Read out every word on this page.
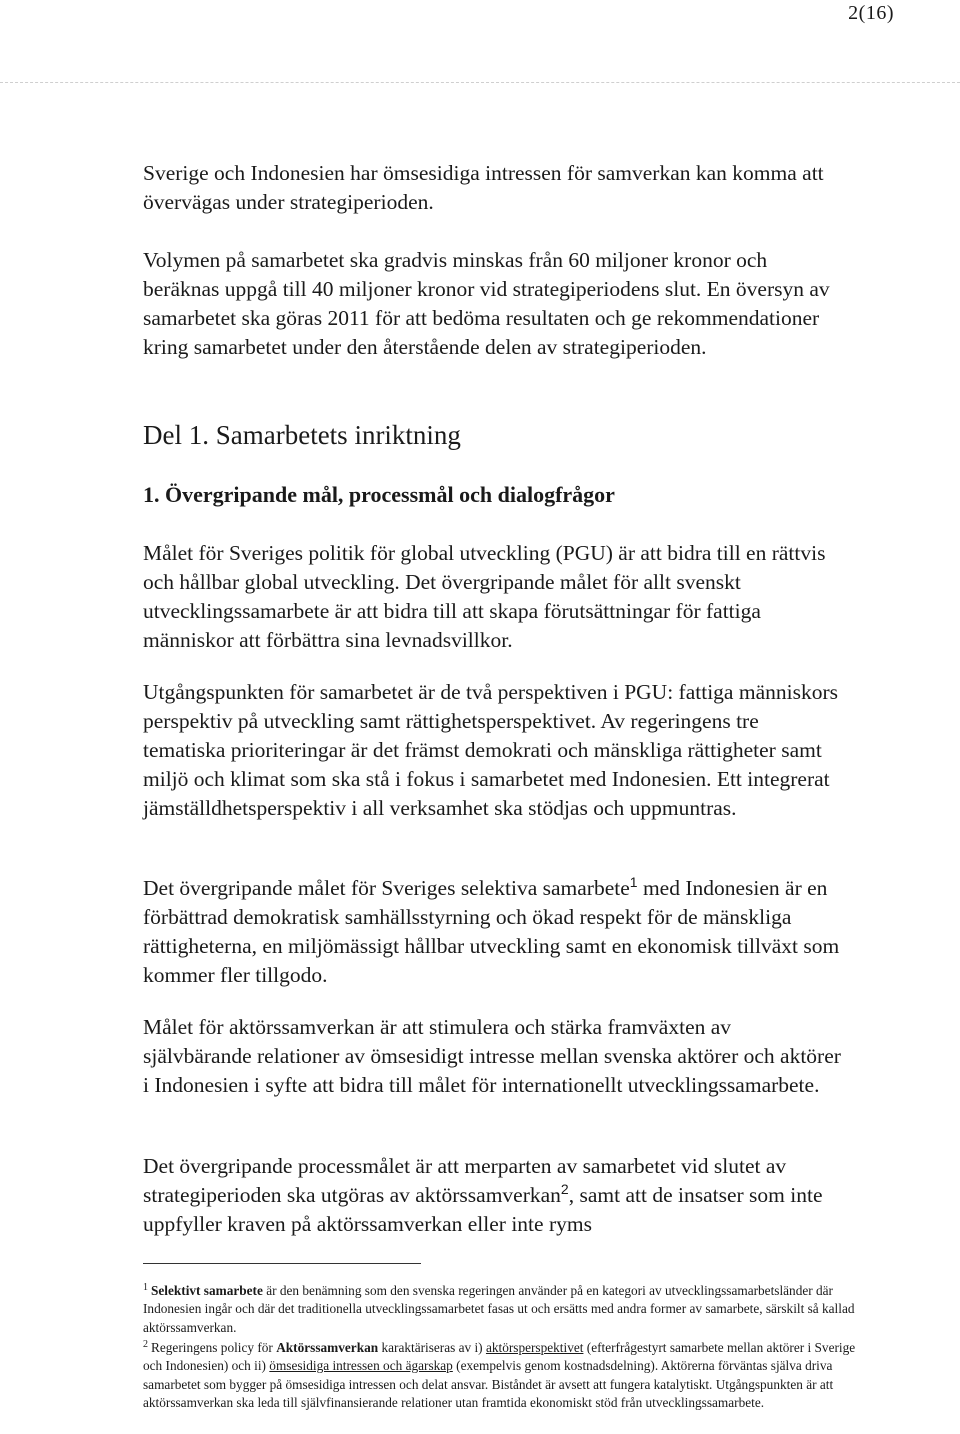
2(16)

Sverige och Indonesien har ömsesidiga intressen för samverkan kan komma att övervägas under strategiperioden.

Volymen på samarbetet ska gradvis minskas från 60 miljoner kronor och beräknas uppgå till 40 miljoner kronor vid strategiperiodens slut. En översyn av samarbetet ska göras 2011 för att bedöma resultaten och ge rekommendationer kring samarbetet under den återstående delen av strategiperioden.

Del 1. Samarbetets inriktning
1. Övergripande mål, processmål och dialogfrågor

Målet för Sveriges politik för global utveckling (PGU) är att bidra till en rättvis och hållbar global utveckling. Det övergripande målet för allt svenskt utvecklingssamarbete är att bidra till att skapa förutsättningar för fattiga människor att förbättra sina levnadsvillkor.

Utgångspunkten för samarbetet är de två perspektiven i PGU: fattiga människors perspektiv på utveckling samt rättighetsperspektivet. Av regeringens tre tematiska prioriteringar är det främst demokrati och mänskliga rättigheter samt miljö och klimat som ska stå i fokus i samarbetet med Indonesien. Ett integrerat jämställdhetsperspektiv i all verksamhet ska stödjas och uppmuntras.

Det övergripande målet för Sveriges selektiva samarbete$^1$ med Indonesien är en förbättrad demokratisk samhällsstyrning och ökad respekt för de mänskliga rättigheterna, en miljömässigt hållbar utveckling samt en ekonomisk tillväxt som kommer fler tillgodo.

Målet för aktörssamverkan är att stimulera och stärka framväxten av självbärande relationer av ömsesidigt intresse mellan svenska aktörer och aktörer i Indonesien i syfte att bidra till målet för internationellt utvecklingssamarbete.

Det övergripande processmålet är att merparten av samarbetet vid slutet av strategiperioden ska utgöras av aktörssamverkan$^2$, samt att de insatser som inte uppfyller kraven på aktörssamverkan eller inte ryms

$^1$ Selektivt samarbete är den benämning som den svenska regeringen använder på en kategori av utvecklingssamarbetsländer där Indonesien ingår och där det traditionella utvecklingssamarbetet fasas ut och ersätts med andra former av samarbete, särskilt så kallad aktörssamverkan.

$^2$ Regeringens policy för Aktörssamverkan karaktäriseras av i) aktörsperspektivet (efterfrågestyrt samarbete mellan aktörer i Sverige och Indonesien) och ii) ömsesidiga intressen och ägarskap (exempelvis genom kostnadsdelning). Aktörerna förväntas själva driva samarbetet som bygger på ömsesidiga intressen och delat ansvar. Biståndet är avsett att fungera katalytiskt. Utgångspunkten är att aktörssamverkan ska leda till självfinansierande relationer utan framtida ekonomiskt stöd från utvecklingssamarbete.
